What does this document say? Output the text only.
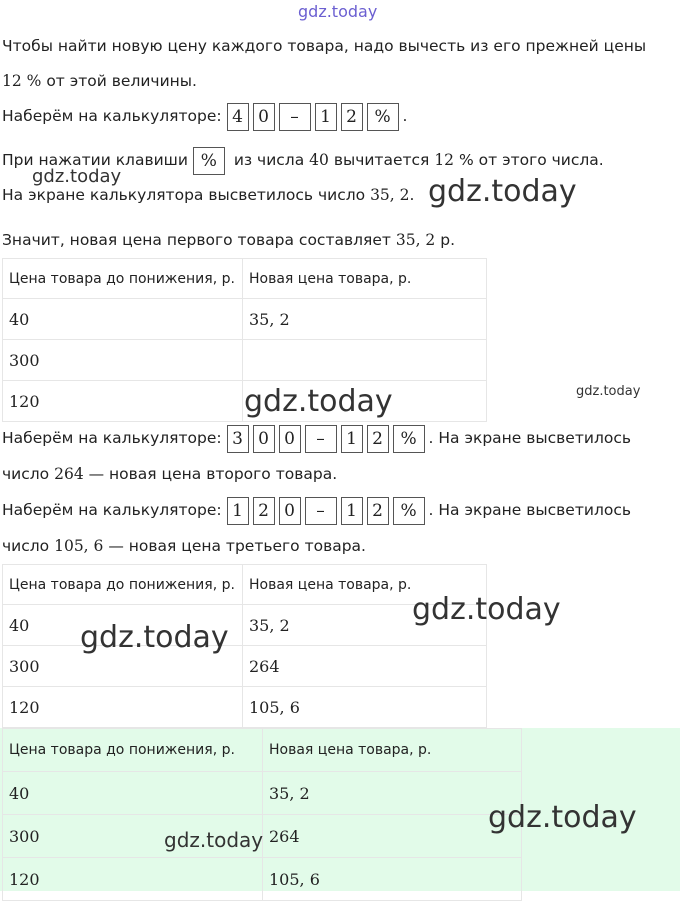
gdz.today
Чтобы найти новую цену каждого товара, надо вычесть из его прежней цены
12 % от этой величины.
Наберём на калькуляторе: 4 0 – 1 2 % .
При нажатии клавиши % из числа 40 вычитается 12 % от этого числа.
gdz.today
На экране калькулятора высветилось число 35, 2. gdz.today
Значит, новая цена первого товара составляет 35, 2 р.
Цена товара до понижения, р.	Новая цена товара, р.
40	35, 2
300	
120		gdz.today	gdz.today
Наберём на калькуляторе: 3 0 0 – 1 2 % . На экране высветилось
число 264 — новая цена второго товара.
Наберём на калькуляторе: 1 2 0 – 1 2 % . На экране высветилось
число 105, 6 — новая цена третьего товара.
Цена товара до понижения, р.	Новая цена товара, р.
40	35, 2
300	264
120	105, 6
gdz.today
gdz.today
Цена товара до понижения, р.	Новая цена товара, р.
40	35, 2
300	264
120	105, 6
gdz.today
gdz.today
